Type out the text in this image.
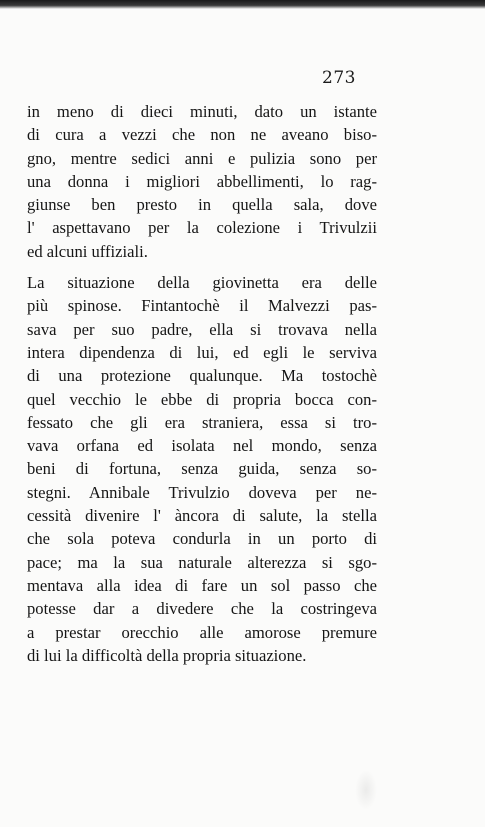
273
in meno di dieci minuti, dato un istante
di cura a vezzi che non ne aveano biso-
gno, mentre sedici anni e pulizia sono per
una donna i migliori abbellimenti, lo rag-
giunse ben presto in quella sala, dove
l' aspettavano per la colezione i Trivulzii
ed alcuni uffiziali.
La situazione della giovinetta era delle
più spinose. Fintantochè il Malvezzi pas-
sava per suo padre, ella si trovava nella
intera dipendenza di lui, ed egli le serviva
di una protezione qualunque. Ma tostochè
quel vecchio le ebbe di propria bocca con-
fessato che gli era straniera, essa si tro-
vava orfana ed isolata nel mondo, senza
beni di fortuna, senza guida, senza so-
stegni. Annibale Trivulzio doveva per ne-
cessità divenire l' àncora di salute, la stella
che sola poteva condurla in un porto di
pace; ma la sua naturale alterezza si sgo-
mentava alla idea di fare un sol passo che
potesse dar a divedere che la costringeva
a prestar orecchio alle amorose premure
di lui la difficoltà della propria situazione.
